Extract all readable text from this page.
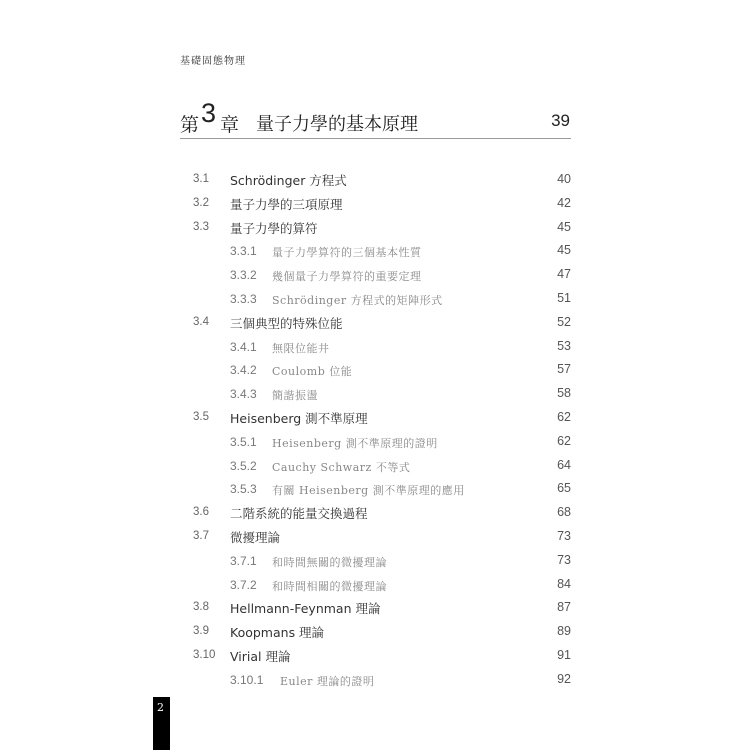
基礎固態物理
第 3 章 量子力學的基本原理	39
3.1 Schrödinger 方程式	40
3.2 量子力學的三項原理	42
3.3 量子力學的算符	45
3.3.1 量子力學算符的三個基本性質	45
3.3.2 幾個量子力學算符的重要定理	47
3.3.3 Schrödinger 方程式的矩陣形式	51
3.4 三個典型的特殊位能	52
3.4.1 無限位能井	53
3.4.2 Coulomb 位能	57
3.4.3 簡諧振盪	58
3.5 Heisenberg 測不準原理	62
3.5.1 Heisenberg 測不準原理的證明	62
3.5.2 Cauchy Schwarz 不等式	64
3.5.3 有關 Heisenberg 測不準原理的應用	65
3.6 二階系統的能量交換過程	68
3.7 微擾理論	73
3.7.1 和時間無關的微擾理論	73
3.7.2 和時間相關的微擾理論	84
3.8 Hellmann-Feynman 理論	87
3.9 Koopmans 理論	89
3.10 Virial 理論	91
3.10.1 Euler 理論的證明	92
2
